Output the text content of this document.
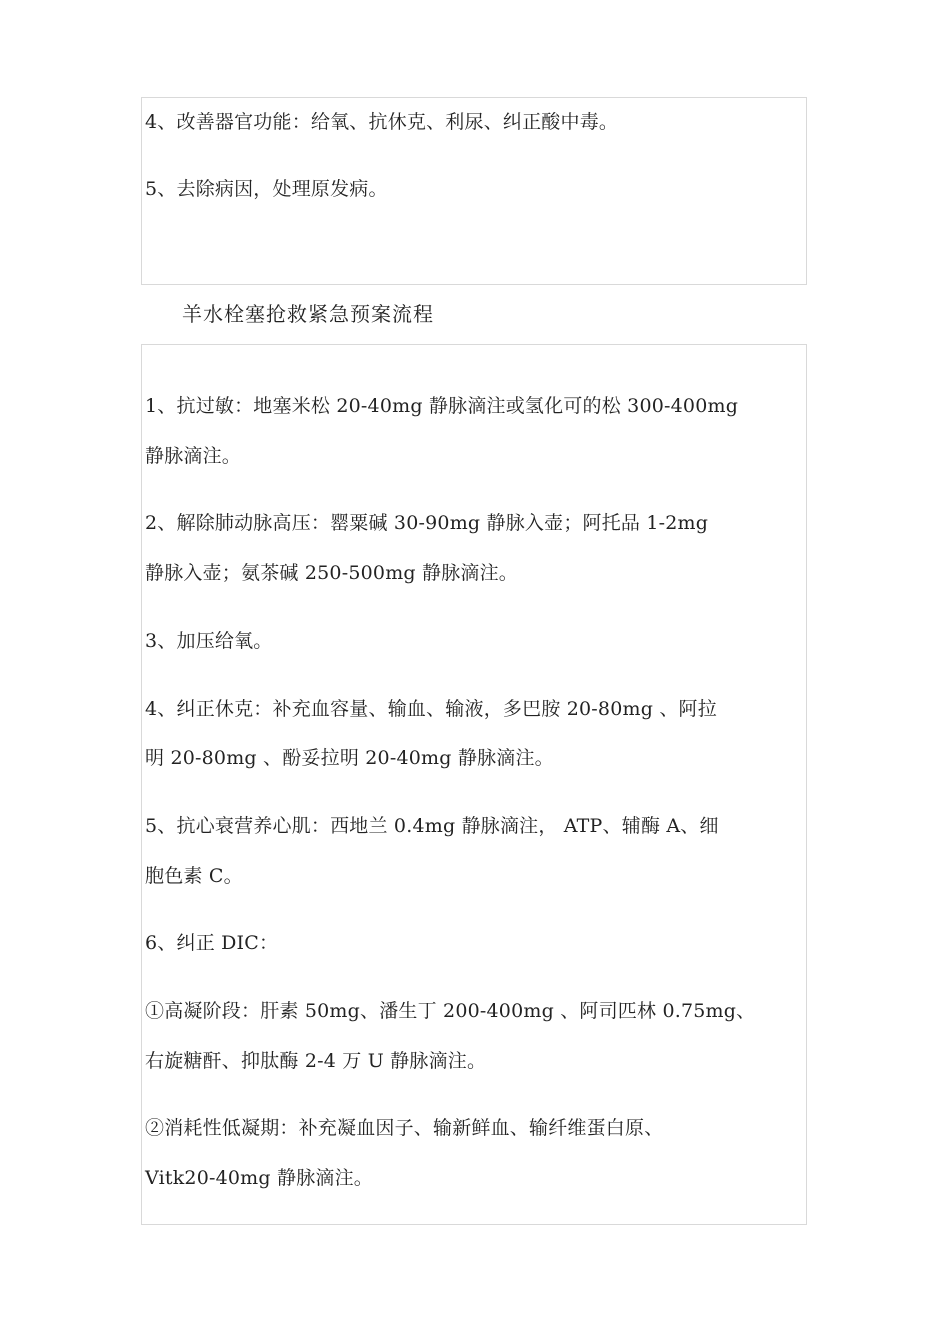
4、改善器官功能：给氧、抗休克、利尿、纠正酸中毒。
5、去除病因，处理原发病。
羊水栓塞抢救紧急预案流程
1、抗过敏：地塞米松 20-40mg 静脉滴注或氢化可的松 300-400mg
静脉滴注。
2、解除肺动脉高压：罂粟碱 30-90mg 静脉入壶；阿托品 1-2mg
静脉入壶；氨茶碱 250-500mg 静脉滴注。
3、加压给氧。
4、纠正休克：补充血容量、输血、输液，多巴胺 20-80mg 、阿拉
明 20-80mg 、酚妥拉明 20-40mg 静脉滴注。
5、抗心衰营养心肌：西地兰 0.4mg 静脉滴注， ATP、辅酶 A、细
胞色素 C。
6、纠正 DIC：
①高凝阶段：肝素 50mg、潘生丁 200-400mg 、阿司匹林 0.75mg、
右旋糖酐、抑肽酶 2-4 万 U 静脉滴注。
②消耗性低凝期：补充凝血因子、输新鲜血、输纤维蛋白原、
Vitk20-40mg 静脉滴注。
